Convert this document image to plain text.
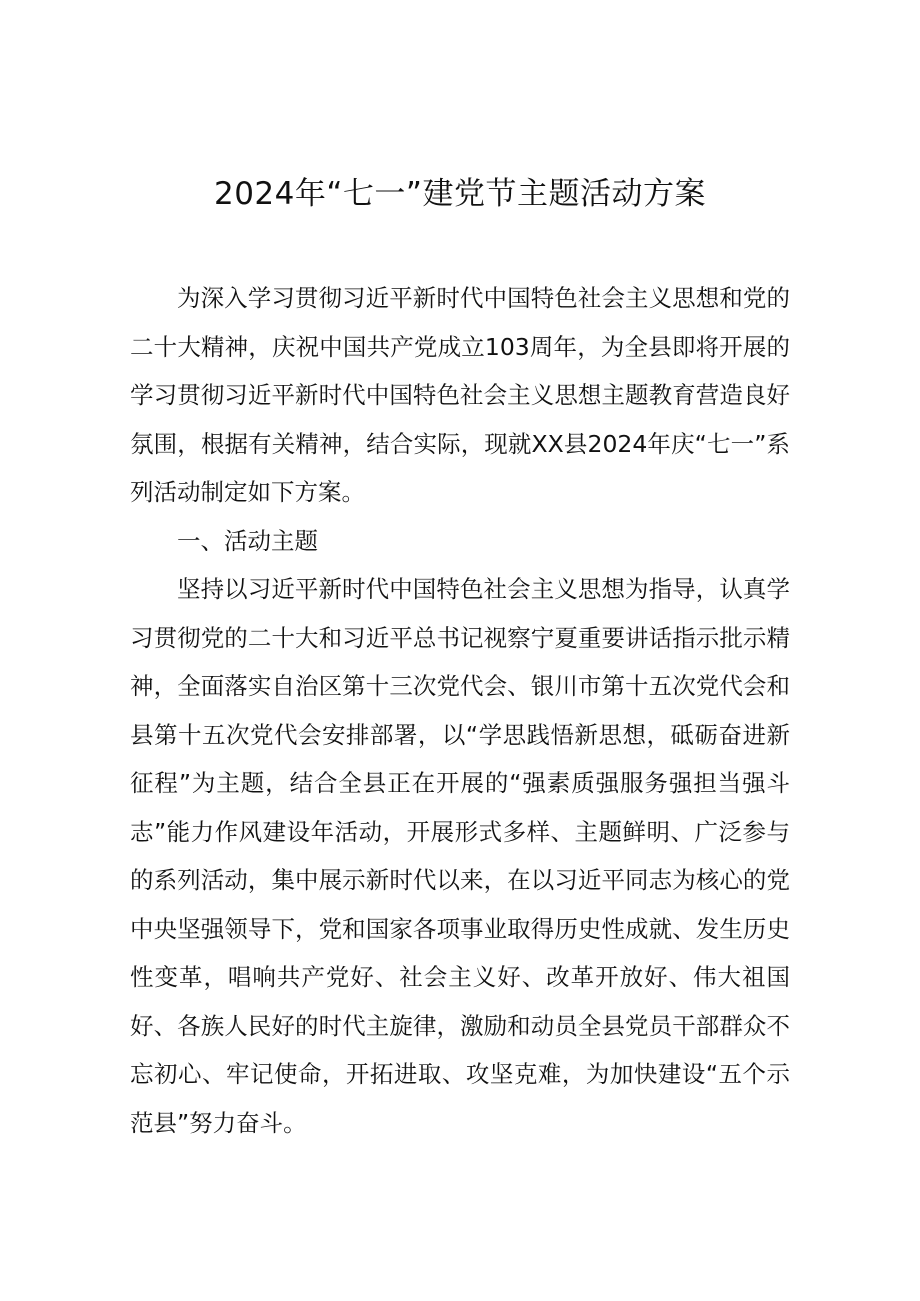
2024年“七一”建党节主题活动方案

为深入学习贯彻习近平新时代中国特色社会主义思想和党的二十大精神，庆祝中国共产党成立103周年，为全县即将开展的学习贯彻习近平新时代中国特色社会主义思想主题教育营造良好氛围，根据有关精神，结合实际，现就XX县2024年庆“七一”系列活动制定如下方案。

一、活动主题

坚持以习近平新时代中国特色社会主义思想为指导，认真学习贯彻党的二十大和习近平总书记视察宁夏重要讲话指示批示精神，全面落实自治区第十三次党代会、银川市第十五次党代会和县第十五次党代会安排部署，以“学思践悟新思想，砥砺奋进新征程”为主题，结合全县正在开展的“强素质强服务强担当强斗志”能力作风建设年活动，开展形式多样、主题鲜明、广泛参与的系列活动，集中展示新时代以来，在以习近平同志为核心的党中央坚强领导下，党和国家各项事业取得历史性成就、发生历史性变革，唱响共产党好、社会主义好、改革开放好、伟大祖国好、各族人民好的时代主旋律，激励和动员全县党员干部群众不忘初心、牢记使命，开拓进取、攻坚克难，为加快建设“五个示范县”努力奋斗。
